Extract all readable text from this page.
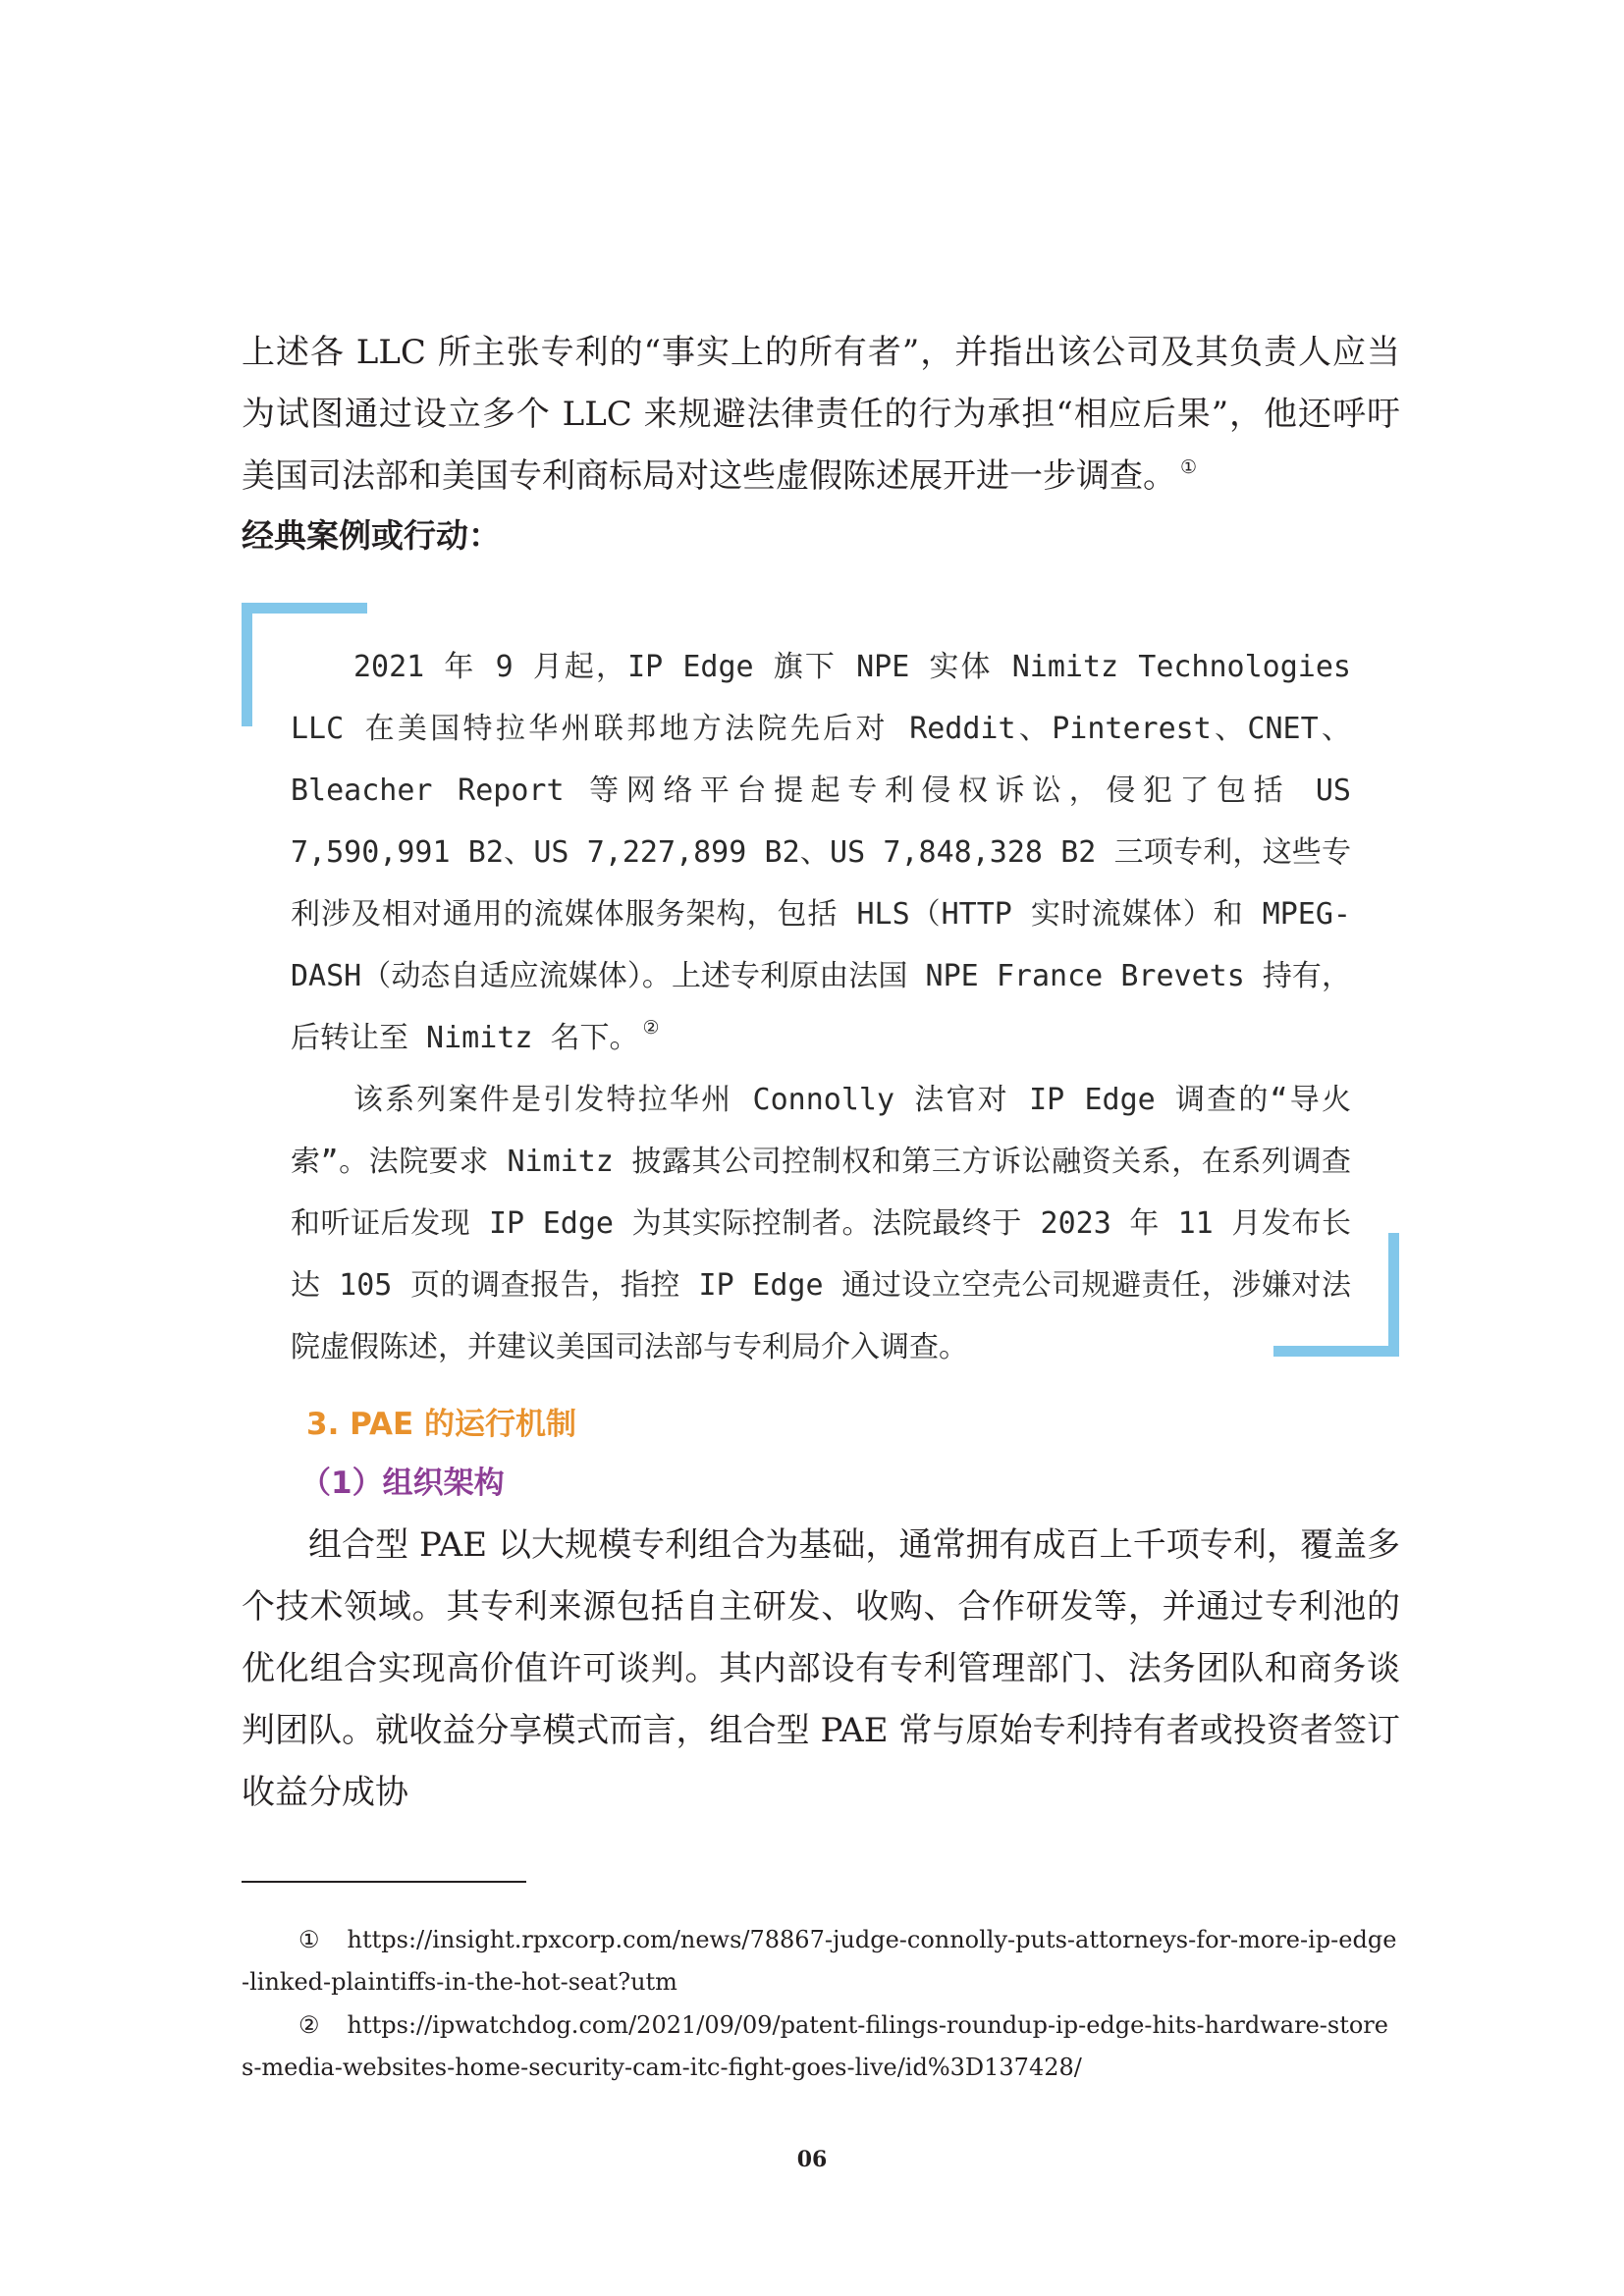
上述各 LLC 所主张专利的“事实上的所有者”，并指出该公司及其负责人应当为试图通过设立多个 LLC 来规避法律责任的行为承担“相应后果”，他还呼吁美国司法部和美国专利商标局对这些虚假陈述展开进一步调查。 ①

经典案例或行动：

2021 年 9 月起，IP Edge 旗下 NPE 实体 Nimitz Technologies LLC 在美国特拉华州联邦地方法院先后对 Reddit、Pinterest、CNET、Bleacher Report 等网络平台提起专利侵权诉讼，侵犯了包括 US 7,590,991 B2、US 7,227,899 B2、US 7,848,328 B2 三项专利，这些专利涉及相对通用的流媒体服务架构，包括 HLS（HTTP 实时流媒体）和 MPEG-DASH（动态自适应流媒体）。上述专利原由法国 NPE France Brevets 持有，后转让至 Nimitz 名下。 ②

该系列案件是引发特拉华州 Connolly 法官对 IP Edge 调查的“导火索”。法院要求 Nimitz 披露其公司控制权和第三方诉讼融资关系，在系列调查和听证后发现 IP Edge 为其实际控制者。法院最终于 2023 年 11 月发布长达 105 页的调查报告，指控 IP Edge 通过设立空壳公司规避责任，涉嫌对法院虚假陈述，并建议美国司法部与专利局介入调查。

3. PAE 的运行机制
（1）组织架构

组合型 PAE 以大规模专利组合为基础，通常拥有成百上千项专利，覆盖多个技术领域。其专利来源包括自主研发、收购、合作研发等，并通过专利池的优化组合实现高价值许可谈判。其内部设有专利管理部门、法务团队和商务谈判团队。就收益分享模式而言，组合型 PAE 常与原始专利持有者或投资者签订收益分成协

① https://insight.rpxcorp.com/news/78867-judge-connolly-puts-attorneys-for-more-ip-edge-linked-plaintiffs-in-the-hot-seat?utm

② https://ipwatchdog.com/2021/09/09/patent-filings-roundup-ip-edge-hits-hardware-stores-media-websites-home-security-cam-itc-fight-goes-live/id%3D137428/

06
